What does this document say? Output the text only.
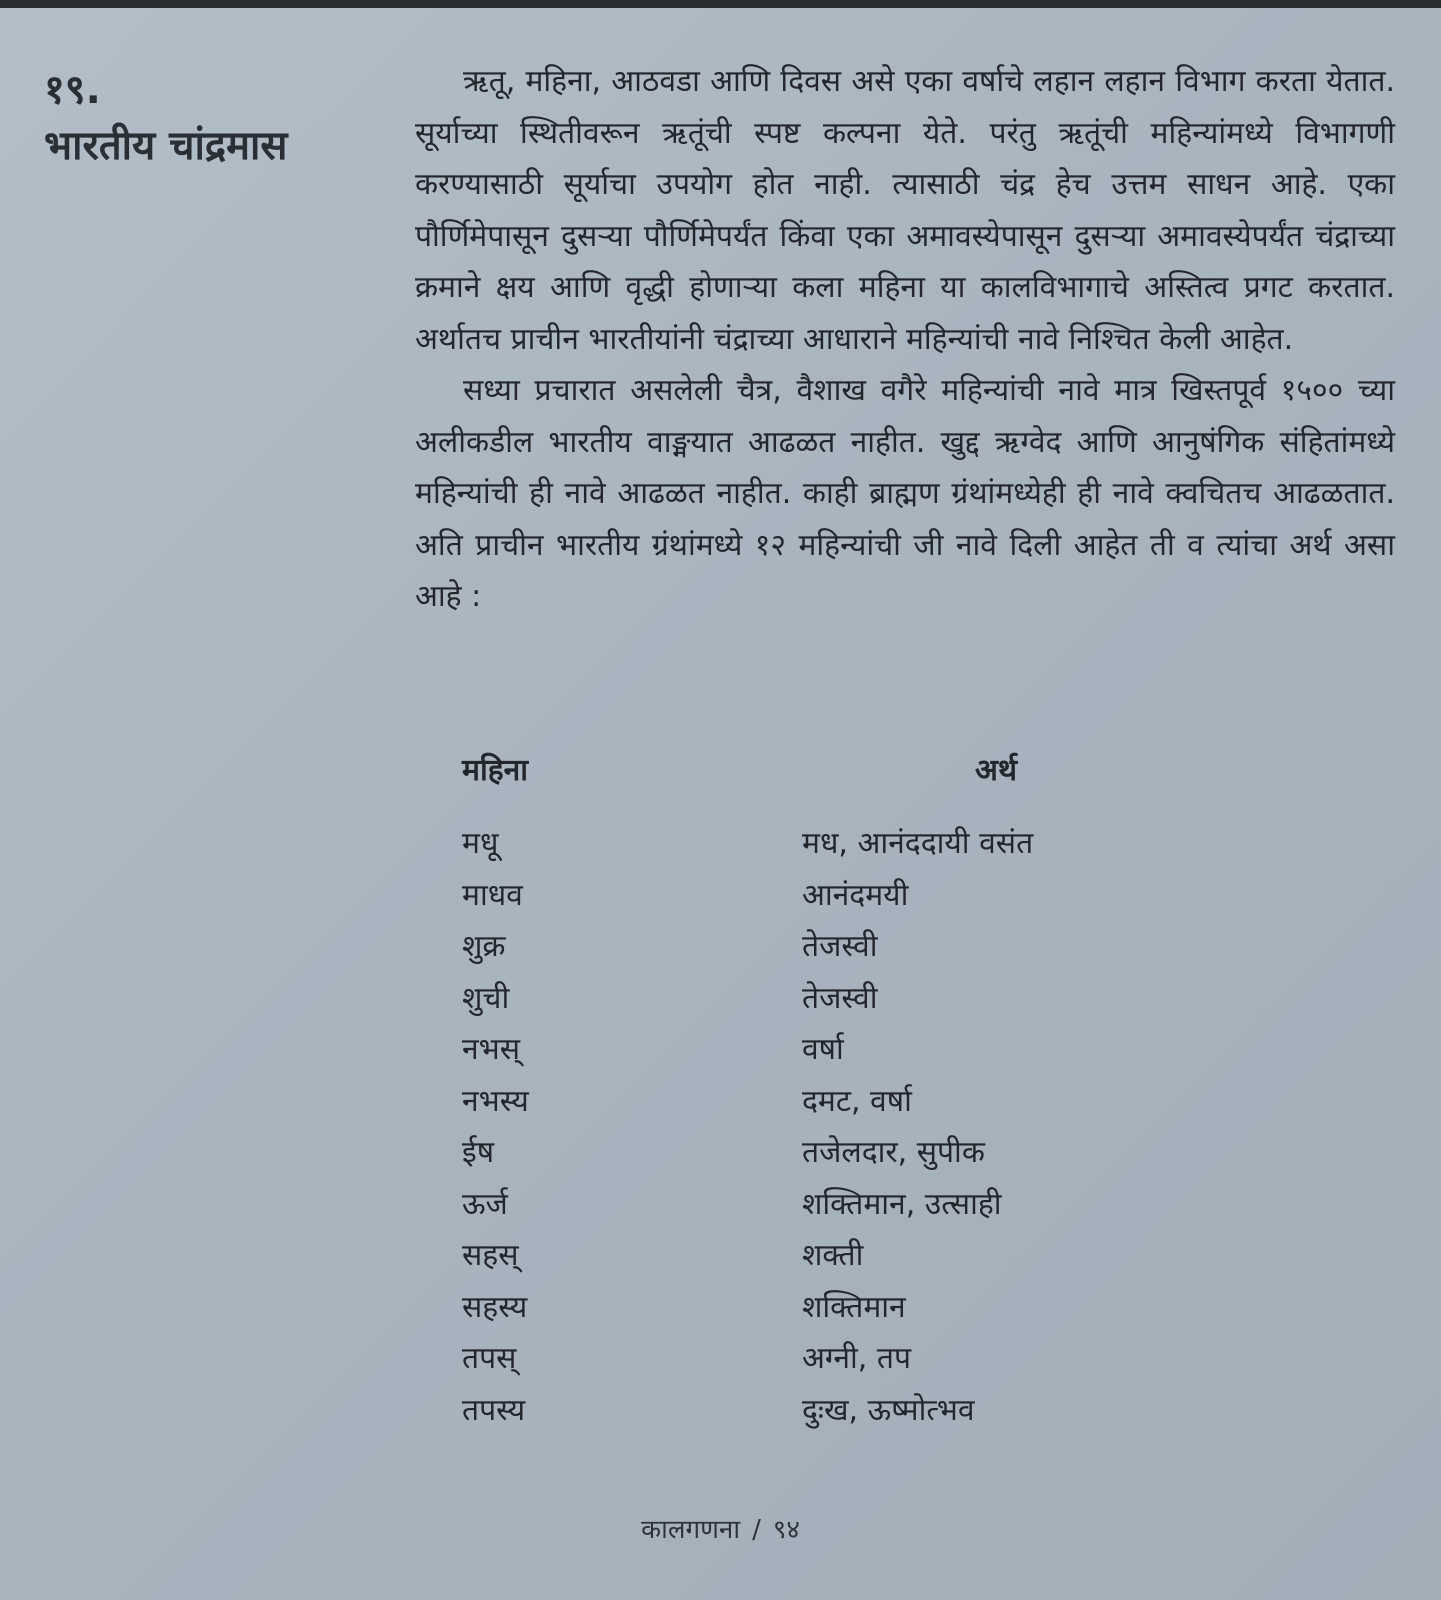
१९.
भारतीय चांद्रमास

ऋतू, महिना, आठवडा आणि दिवस असे एका वर्षाचे लहान लहान विभाग करता येतात. सूर्याच्या स्थितीवरून ऋतूंची स्पष्ट कल्पना येते. परंतु ऋतूंची महिन्यांमध्ये विभागणी करण्यासाठी सूर्याचा उपयोग होत नाही. त्यासाठी चंद्र हेच उत्तम साधन आहे. एका पौर्णिमेपासून दुसऱ्या पौर्णिमेपर्यंत किंवा एका अमावस्येपासून दुसऱ्या अमावस्येपर्यंत चंद्राच्या क्रमाने क्षय आणि वृद्धी होणाऱ्या कला महिना या कालविभागाचे अस्तित्व प्रगट करतात. अर्थातच प्राचीन भारतीयांनी चंद्राच्या आधाराने महिन्यांची नावे निश्चित केली आहेत.

सध्या प्रचारात असलेली चैत्र, वैशाख वगैरे महिन्यांची नावे मात्र खिस्तपूर्व १५०० च्या अलीकडील भारतीय वाङ्मयात आढळत नाहीत. खुद्द ऋग्वेद आणि आनुषंगिक संहितांमध्ये महिन्यांची ही नावे आढळत नाहीत. काही ब्राह्मण ग्रंथांमध्येही ही नावे क्वचितच आढळतात. अति प्राचीन भारतीय ग्रंथांमध्ये १२ महिन्यांची जी नावे दिली आहेत ती व त्यांचा अर्थ असा आहे :

महिना	अर्थ
मधू	मध, आनंददायी वसंत
माधव	आनंदमयी
शुक्र	तेजस्वी
शुची	तेजस्वी
नभस्	वर्षा
नभस्य	दमट, वर्षा
ईष	तजेलदार, सुपीक
ऊर्ज	शक्तिमान, उत्साही
सहस्	शक्ती
सहस्य	शक्तिमान
तपस्	अग्नी, तप
तपस्य	दुःख, ऊष्मोत्भव
कालगणना / ९४
